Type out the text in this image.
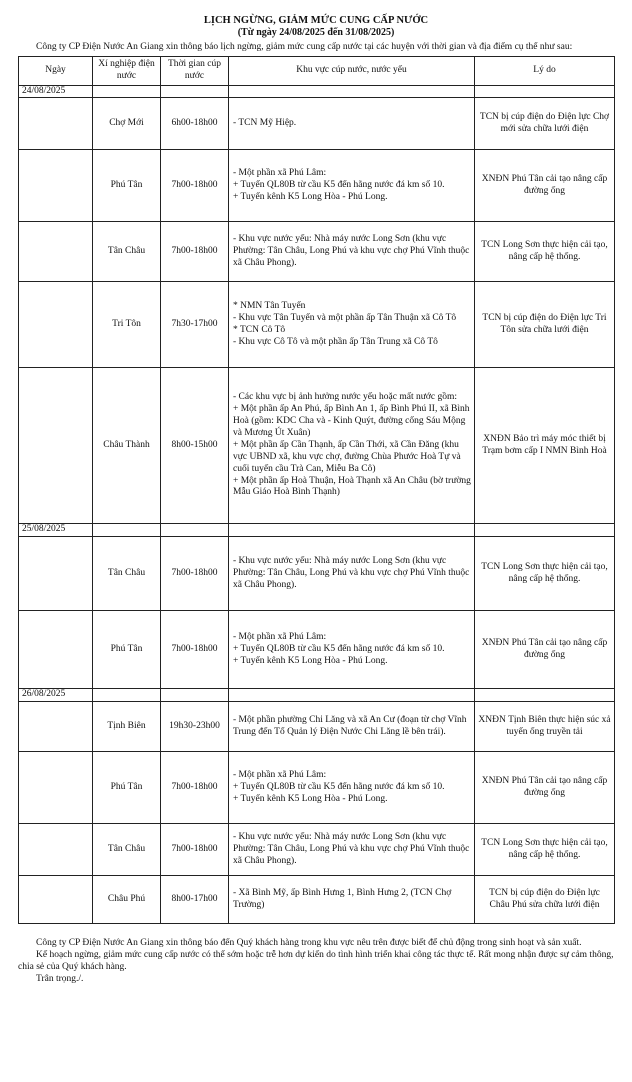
LỊCH NGỪNG, GIẢM MỨC CUNG CẤP NƯỚC
(Từ ngày 24/08/2025 đến 31/08/2025)
Công ty CP Điện Nước An Giang xin thông báo lịch ngừng, giảm mức cung cấp nước tại các huyện với thời gian và địa điểm cụ thể như sau:
Ngày	Xí nghiệp điện nước	Thời gian cúp nước	Khu vực cúp nước, nước yếu	Lý do
24/08/2025				
	Chợ Mới	6h00-18h00	- TCN Mỹ Hiệp.	TCN bị cúp điện do Điện lực Chợ mới sửa chữa lưới điện
	Phú Tân	7h00-18h00	- Một phần xã Phú Lâm:
+ Tuyến QL80B từ cầu K5 đến hãng nước đá km số 10.
+ Tuyến kênh K5 Long Hòa - Phú Long.	XNĐN Phú Tân cải tạo nâng cấp đường ống
	Tân Châu	7h00-18h00	- Khu vực nước yếu: Nhà máy nước Long Sơn (khu vực Phường: Tân Châu, Long Phú và khu vực chợ Phú Vĩnh thuộc xã Châu Phong).	TCN Long Sơn thực hiện cải tạo, nâng cấp hệ thống.
	Tri Tôn	7h30-17h00	* NMN Tân Tuyến
- Khu vực Tân Tuyến và một phần ấp Tân Thuận xã Cô Tô
* TCN Cô Tô
- Khu vực Cô Tô và một phần ấp Tân Trung xã Cô Tô	TCN bị cúp điện do Điện lực Tri Tôn sửa chữa lưới điện
	Châu Thành	8h00-15h00	- Các khu vực bị ảnh hưởng nước yếu hoặc mất nước gồm:
+ Một phần ấp An Phú, ấp Bình An 1, ấp Bình Phú II, xã Bình Hoà (gồm: KDC Cha và - Kinh Quýt, đường cống Sáu Mộng và Mương Út Xuân)
+ Một phần ấp Cần Thạnh, ấp Cần Thới, xã Cần Đăng (khu vực UBND xã, khu vực chợ, đường Chùa Phước Hoà Tự và cuối tuyến cầu Trà Can, Miễu Ba Cô)
+ Một phần ấp Hoà Thuận, Hoà Thạnh xã An Châu (bờ trường Mẫu Giáo Hoà Bình Thạnh)	XNĐN Bảo trì máy móc thiết bị Trạm bơm cấp I NMN Bình Hoà
25/08/2025				
	Tân Châu	7h00-18h00	- Khu vực nước yếu: Nhà máy nước Long Sơn (khu vực Phường: Tân Châu, Long Phú và khu vực chợ Phú Vĩnh thuộc xã Châu Phong).	TCN Long Sơn thực hiện cải tạo, nâng cấp hệ thống.
	Phú Tân	7h00-18h00	- Một phần xã Phú Lâm:
+ Tuyến QL80B từ cầu K5 đến hãng nước đá km số 10.
+ Tuyến kênh K5 Long Hòa - Phú Long.	XNĐN Phú Tân cải tạo nâng cấp đường ống
26/08/2025				
	Tịnh Biên	19h30-23h00	- Một phần phường Chi Lăng và xã An Cư (đoạn từ chợ Vĩnh Trung đến Tổ Quản lý Điện Nước Chi Lăng lề bên trái).	XNĐN Tịnh Biên thực hiện súc xả tuyến ống truyền tải
	Phú Tân	7h00-18h00	- Một phần xã Phú Lâm:
+ Tuyến QL80B từ cầu K5 đến hãng nước đá km số 10.
+ Tuyến kênh K5 Long Hòa - Phú Long.	XNĐN Phú Tân cải tạo nâng cấp đường ống
	Tân Châu	7h00-18h00	- Khu vực nước yếu: Nhà máy nước Long Sơn (khu vực Phường: Tân Châu, Long Phú và khu vực chợ Phú Vĩnh thuộc xã Châu Phong).	TCN Long Sơn thực hiện cải tạo, nâng cấp hệ thống.
	Châu Phú	8h00-17h00	- Xã Bình Mỹ, ấp Bình Hưng 1, Bình Hưng 2, (TCN Chợ Trường)	TCN bị cúp điện do Điện lực Châu Phú sửa chữa lưới điện

Công ty CP Điện Nước An Giang xin thông báo đến Quý khách hàng trong khu vực nêu trên được biết để chủ động trong sinh hoạt và sản xuất.

Kế hoạch ngừng, giảm mức cung cấp nước có thể sớm hoặc trễ hơn dự kiến do tình hình triển khai công tác thực tế. Rất mong nhận được sự cảm thông, chia sẻ của Quý khách hàng.

Trân trọng./.
